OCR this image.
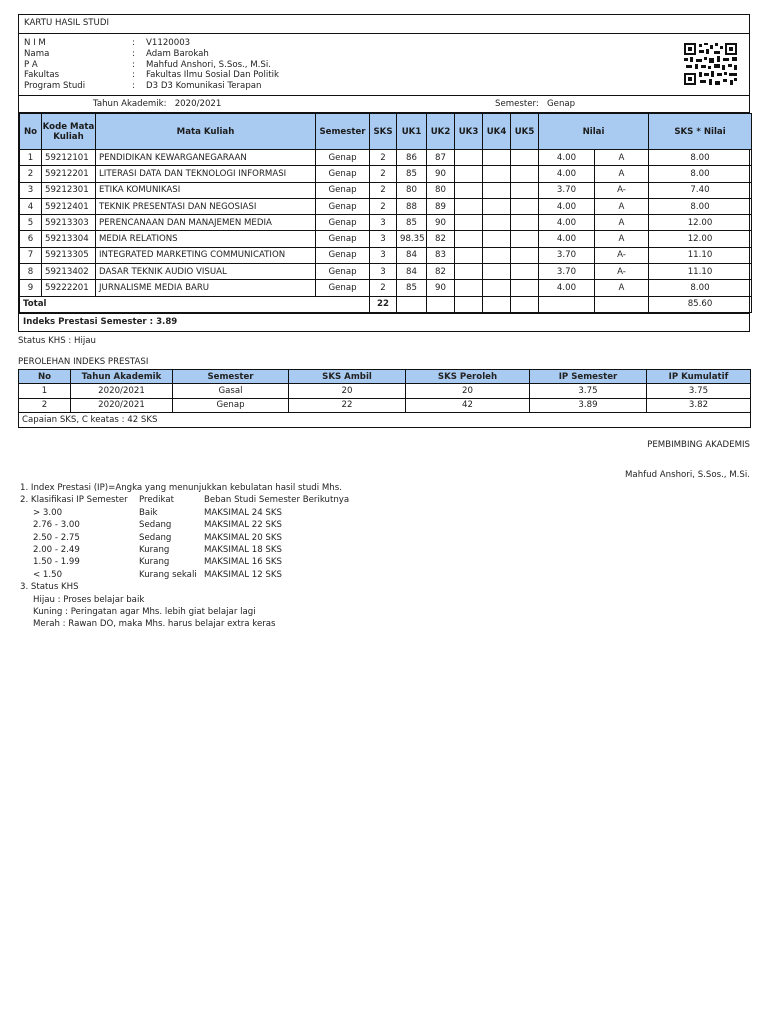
KARTU HASIL STUDI
N I M	:	V1120003
Nama	:	Adam Barokah
P A	:	Mahfud Anshori, S.Sos., M.Si.
Fakultas	:	Fakultas Ilmu Sosial Dan Politik
Program Studi	:	D3 D3 Komunikasi Terapan
Tahun Akademik: 2020/2021	Semester: Genap
No	Kode Mata Kuliah	Mata Kuliah	Semester	SKS	UK1	UK2	UK3	UK4	UK5	Nilai		SKS * Nilai
1	59212101	PENDIDIKAN KEWARGANEGARAAN	Genap	2	86	87				4.00	A	8.00
2	59212201	LITERASI DATA DAN TEKNOLOGI INFORMASI	Genap	2	85	90				4.00	A	8.00
3	59212301	ETIKA KOMUNIKASI	Genap	2	80	80				3.70	A-	7.40
4	59212401	TEKNIK PRESENTASI DAN NEGOSIASI	Genap	2	88	89				4.00	A	8.00
5	59213303	PERENCANAAN DAN MANAJEMEN MEDIA	Genap	3	85	90				4.00	A	12.00
6	59213304	MEDIA RELATIONS	Genap	3	98.35	82				4.00	A	12.00
7	59213305	INTEGRATED MARKETING COMMUNICATION	Genap	3	84	83				3.70	A-	11.10
8	59213402	DASAR TEKNIK AUDIO VISUAL	Genap	3	84	82				3.70	A-	11.10
9	59222201	JURNALISME MEDIA BARU	Genap	2	85	90				4.00	A	8.00
Total				22								85.60
Indeks Prestasi Semester : 3.89
Status KHS : Hijau
PEROLEHAN INDEKS PRESTASI
No	Tahun Akademik	Semester	SKS Ambil	SKS Peroleh	IP Semester	IP Kumulatif
1	2020/2021	Gasal	20	20	3.75	3.75
2	2020/2021	Genap	22	42	3.89	3.82
Capaian SKS, C keatas : 42 SKS						
PEMBIMBING AKADEMIS
Mahfud Anshori, S.Sos., M.Si.
1. Index Prestasi (IP)=Angka yang menunjukkan kebulatan hasil studi Mhs.
2. Klasifikasi IP Semester	Predikat	Beban Studi Semester Berikutnya
> 3.00	Baik	MAKSIMAL 24 SKS
2.76 - 3.00	Sedang	MAKSIMAL 22 SKS
2.50 - 2.75	Sedang	MAKSIMAL 20 SKS
2.00 - 2.49	Kurang	MAKSIMAL 18 SKS
1.50 - 1.99	Kurang	MAKSIMAL 16 SKS
< 1.50	Kurang sekali MAKSIMAL 12 SKS
3. Status KHS
Hijau : Proses belajar baik
Kuning : Peringatan agar Mhs. lebih giat belajar lagi
Merah : Rawan DO, maka Mhs. harus belajar extra keras
